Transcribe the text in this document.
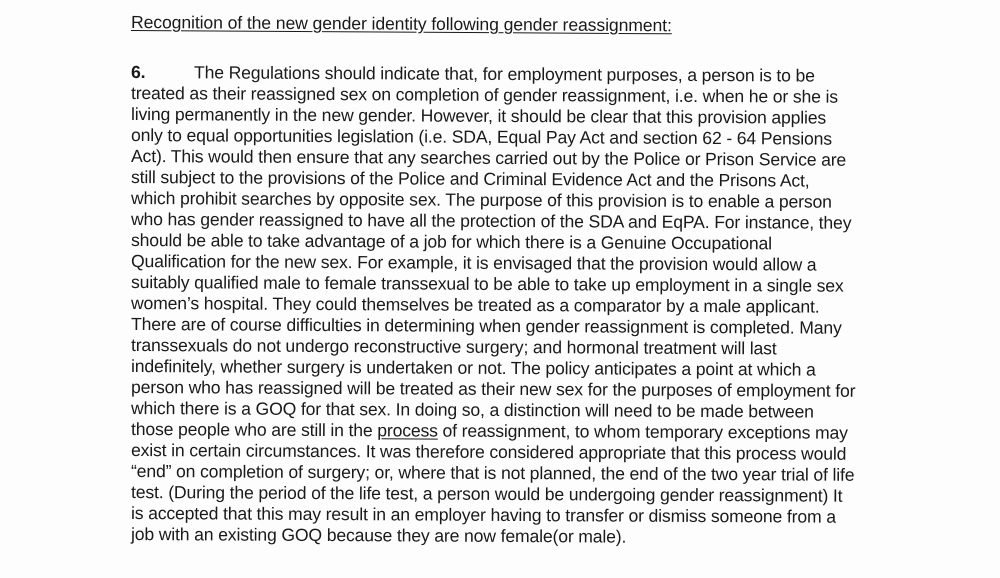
Recognition of the new gender identity following gender reassignment:
6.	The Regulations should indicate that, for employment purposes, a person is to be
treated as their reassigned sex on completion of gender reassignment, i.e. when he or she is
living permanently in the new gender. However, it should be clear that this provision applies
only to equal opportunities legislation (i.e. SDA, Equal Pay Act and section 62 - 64 Pensions
Act). This would then ensure that any searches carried out by the Police or Prison Service are
still subject to the provisions of the Police and Criminal Evidence Act and the Prisons Act,
which prohibit searches by opposite sex. The purpose of this provision is to enable a person
who has gender reassigned to have all the protection of the SDA and EqPA. For instance, they
should be able to take advantage of a job for which there is a Genuine Occupational
Qualification for the new sex. For example, it is envisaged that the provision would allow a
suitably qualified male to female transsexual to be able to take up employment in a single sex
women’s hospital. They could themselves be treated as a comparator by a male applicant.
There are of course difficulties in determining when gender reassignment is completed. Many
transsexuals do not undergo reconstructive surgery; and hormonal treatment will last
indefinitely, whether surgery is undertaken or not. The policy anticipates a point at which a
person who has reassigned will be treated as their new sex for the purposes of employment for
which there is a GOQ for that sex. In doing so, a distinction will need to be made between
those people who are still in the process of reassignment, to whom temporary exceptions may
exist in certain circumstances. It was therefore considered appropriate that this process would
“end” on completion of surgery; or, where that is not planned, the end of the two year trial of life
test. (During the period of the life test, a person would be undergoing gender reassignment) It
is accepted that this may result in an employer having to transfer or dismiss someone from a
job with an existing GOQ because they are now female(or male).
